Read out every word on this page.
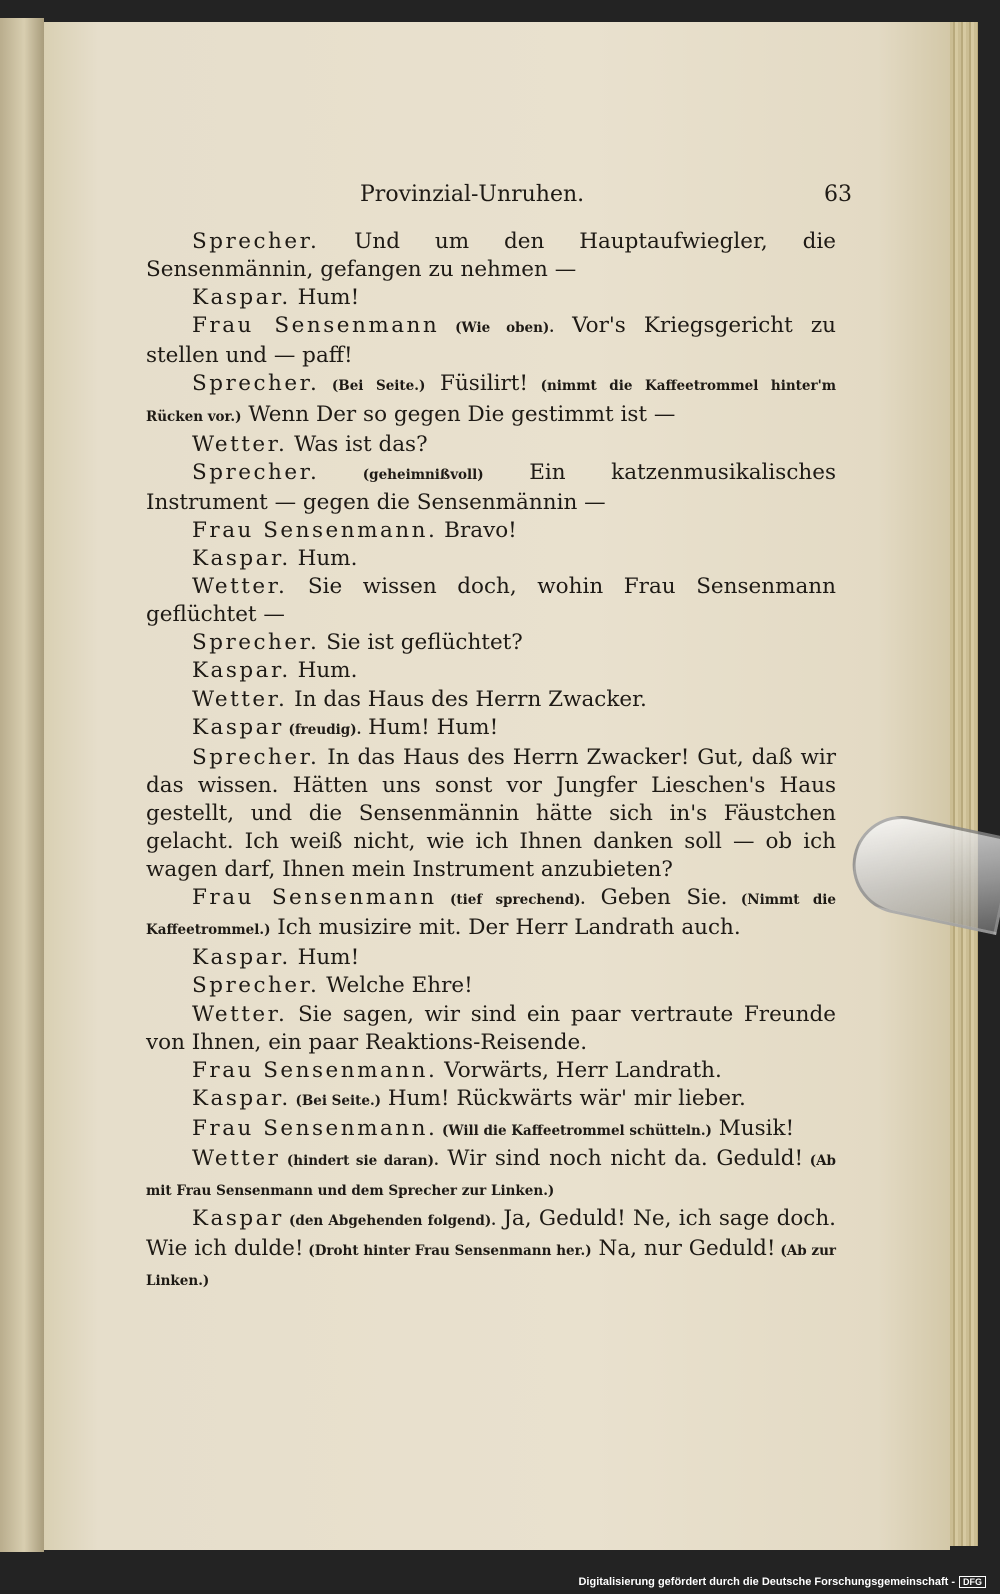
Provinzial-Unruhen.	63

Sprecher. Und um den Hauptaufwiegler, die Sensenmännin, gefangen zu nehmen —

Kaspar. Hum!

Frau Sensenmann (Wie oben). Vor's Kriegsgericht zu stellen und — paff!

Sprecher. (Bei Seite.) Füsilirt! (nimmt die Kaffeetrommel hinter'm Rücken vor.) Wenn Der so gegen Die gestimmt ist —

Wetter. Was ist das?

Sprecher. (geheimnißvoll) Ein katzenmusikalisches Instrument — gegen die Sensenmännin —

Frau Sensenmann. Bravo!

Kaspar. Hum.

Wetter. Sie wissen doch, wohin Frau Sensenmann geflüchtet —

Sprecher. Sie ist geflüchtet?

Kaspar. Hum.

Wetter. In das Haus des Herrn Zwacker.

Kaspar (freudig). Hum! Hum!

Sprecher. In das Haus des Herrn Zwacker! Gut, daß wir das wissen. Hätten uns sonst vor Jungfer Lieschen's Haus gestellt, und die Sensenmännin hätte sich in's Fäustchen gelacht. Ich weiß nicht, wie ich Ihnen danken soll — ob ich wagen darf, Ihnen mein Instrument anzubieten?

Frau Sensenmann (tief sprechend). Geben Sie. (Nimmt die Kaffeetrommel.) Ich musizire mit. Der Herr Landrath auch.

Kaspar. Hum!

Sprecher. Welche Ehre!

Wetter. Sie sagen, wir sind ein paar vertraute Freunde von Ihnen, ein paar Reaktions-Reisende.

Frau Sensenmann. Vorwärts, Herr Landrath.

Kaspar. (Bei Seite.) Hum! Rückwärts wär' mir lieber.

Frau Sensenmann. (Will die Kaffeetrommel schütteln.) Musik!

Wetter (hindert sie daran). Wir sind noch nicht da. Geduld! (Ab mit Frau Sensenmann und dem Sprecher zur Linken.)

Kaspar (den Abgehenden folgend). Ja, Geduld! Ne, ich sage doch. Wie ich dulde! (Droht hinter Frau Sensenmann her.) Na, nur Geduld! (Ab zur Linken.)

Digitalisierung gefördert durch die Deutsche Forschungsgemeinschaft - DFG
